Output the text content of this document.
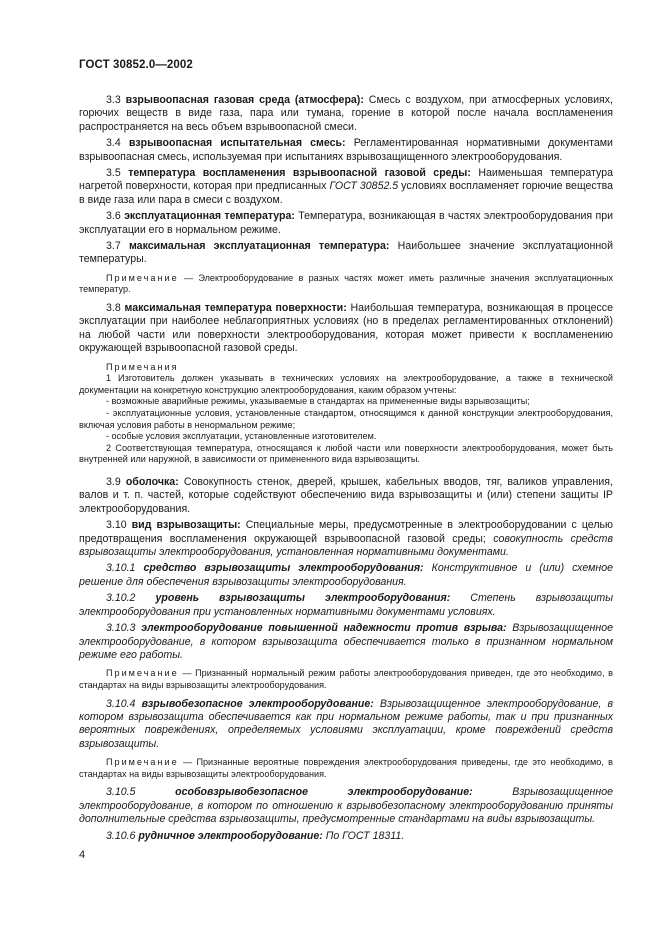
ГОСТ 30852.0—2002

3.3 взрывоопасная газовая среда (атмосфера): Смесь с воздухом, при атмосферных условиях, горючих веществ в виде газа, пара или тумана, горение в которой после начала воспламенения распространяется на весь объем взрывоопасной смеси.

3.4 взрывоопасная испытательная смесь: Регламентированная нормативными документами взрывоопасная смесь, используемая при испытаниях взрывозащищенного электрооборудования.

3.5 температура воспламенения взрывоопасной газовой среды: Наименьшая температура нагретой поверхности, которая при предписанных ГОСТ 30852.5 условиях воспламеняет горючие вещества в виде газа или пара в смеси с воздухом.

3.6 эксплуатационная температура: Температура, возникающая в частях электрооборудования при эксплуатации его в нормальном режиме.

3.7 максимальная эксплуатационная температура: Наибольшее значение эксплуатационной температуры.

Примечание — Электрооборудование в разных частях может иметь различные значения эксплуатационных температур.

3.8 максимальная температура поверхности: Наибольшая температура, возникающая в процессе эксплуатации при наиболее неблагоприятных условиях (но в пределах регламентированных отклонений) на любой части или поверхности электрооборудования, которая может привести к воспламенению окружающей взрывоопасной газовой среды.

Примечания

1 Изготовитель должен указывать в технических условиях на электрооборудование, а также в технической документации на конкретную конструкцию электрооборудования, каким образом учтены:

- возможные аварийные режимы, указываемые в стандартах на примененные виды взрывозащиты;

- эксплуатационные условия, установленные стандартом, относящимся к данной конструкции электрооборудования, включая условия работы в ненормальном режиме;

- особые условия эксплуатации, установленные изготовителем.

2 Соответствующая температура, относящаяся к любой части или поверхности электрооборудования, может быть внутренней или наружной, в зависимости от примененного вида взрывозащиты.

3.9 оболочка: Совокупность стенок, дверей, крышек, кабельных вводов, тяг, валиков управления, валов и т. п. частей, которые содействуют обеспечению вида взрывозащиты и (или) степени защиты IP электрооборудования.

3.10 вид взрывозащиты: Специальные меры, предусмотренные в электрооборудовании с целью предотвращения воспламенения окружающей взрывоопасной газовой среды; совокупность средств взрывозащиты электрооборудования, установленная нормативными документами.

3.10.1 средство взрывозащиты электрооборудования: Конструктивное и (или) схемное решение для обеспечения взрывозащиты электрооборудования.

3.10.2 уровень взрывозащиты электрооборудования: Степень взрывозащиты электрооборудования при установленных нормативными документами условиях.

3.10.3 электрооборудование повышенной надежности против взрыва: Взрывозащищенное электрооборудование, в котором взрывозащита обеспечивается только в признанном нормальном режиме его работы.

Примечание — Признанный нормальный режим работы электрооборудования приведен, где это необходимо, в стандартах на виды взрывозащиты электрооборудования.

3.10.4 взрывобезопасное электрооборудование: Взрывозащищенное электрооборудование, в котором взрывозащита обеспечивается как при нормальном режиме работы, так и при признанных вероятных повреждениях, определяемых условиями эксплуатации, кроме повреждений средств взрывозащиты.

Примечание — Признанные вероятные повреждения электрооборудования приведены, где это необходимо, в стандартах на виды взрывозащиты электрооборудования.

3.10.5	особовзрывобезопасное электрооборудование: Взрывозащищенное электрооборудование, в котором по отношению к взрывобезопасному электрооборудованию приняты дополнительные средства взрывозащиты, предусмотренные стандартами на виды взрывозащиты.

3.10.6 рудничное электрооборудование: По ГОСТ 18311.

4
